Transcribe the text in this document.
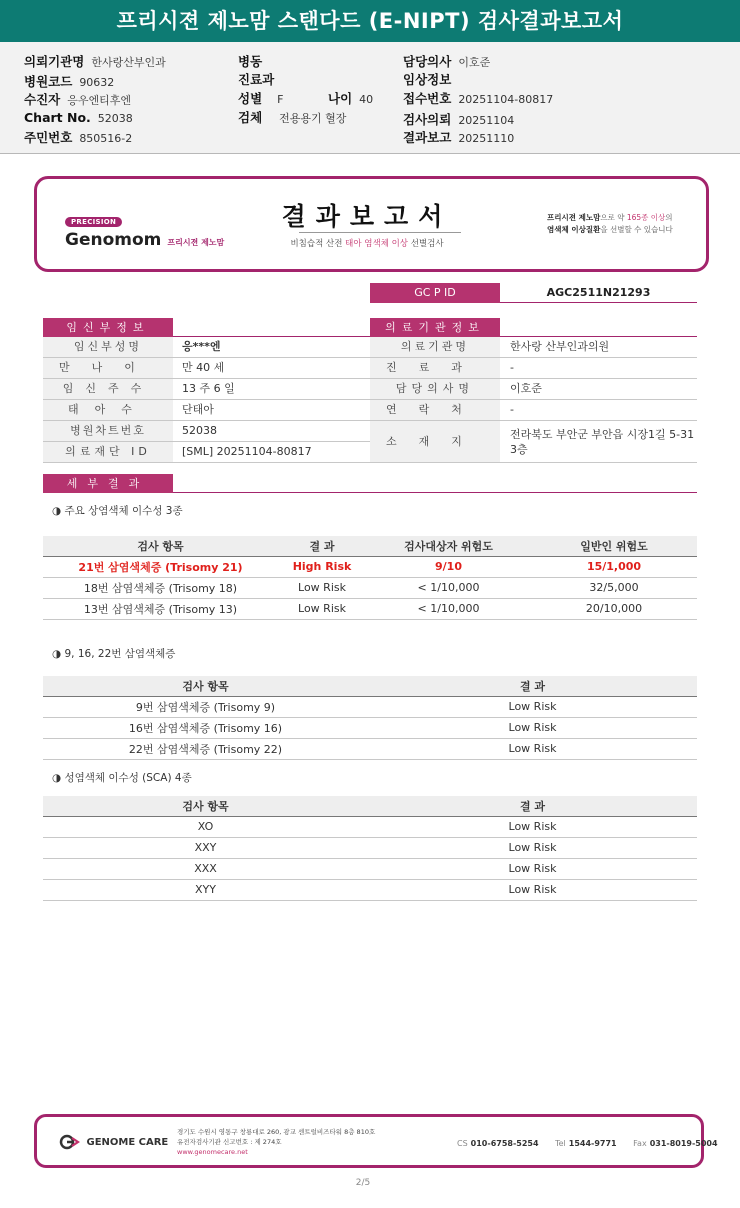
프리시젼 제노맘 스탠다드 (E-NIPT) 검사결과보고서
의뢰기관명 한사랑산부인과
병원코드 90632
수진자 응우엔티후엔
Chart No. 52038
주민번호 850516-2
병동
진료과
성별 F	나이 40
검체 전용용기 혈장
담당의사 이호준
임상정보
접수번호 20251104-80817
검사의뢰 20251104
결과보고 20251110
PRECISION
Genomom 프리시젼 제노맘
결과보고서
비침습적 산전 태아 염색체 이상 선별검사
프리시젼 제노맘으로 약 165종 이상의
염색체 이상질환을 선별할 수 있습니다
GC P ID	AGC2511N21293
임신부정보	의료기관정보
임신부성명	응***엔
만나이	만 40 세
임신주수	13 주 6 일
태아수	단태아
병원차트번호	52038
의료재단 ID	[SML] 20251104-80817
의료기관명	한사랑 산부인과의원
진료과	-
담당의사명	이호준
연락처	-
소재지
전라북도 부안군 부안읍 시장1길 5-31
3층
세부결과
◑ 주요 상염색체 이수성 3종
검사 항목	결 과	검사대상자 위험도	일반인 위험도
21번 삼염색체증 (Trisomy 21)	High Risk	9/10	15/1,000
18번 삼염색체증 (Trisomy 18)	Low Risk	< 1/10,000	32/5,000
13번 삼염색체증 (Trisomy 13)	Low Risk	< 1/10,000	20/10,000
◑ 9, 16, 22번 삼염색체증
검사 항목	결 과
9번 삼염색체증 (Trisomy 9)	Low Risk
16번 삼염색체증 (Trisomy 16)	Low Risk
22번 삼염색체증 (Trisomy 22)	Low Risk
◑ 성염색체 이수성 (SCA) 4종
검사 항목	결 과
XO	Low Risk
XXY	Low Risk
XXX	Low Risk
XYY	Low Risk
GENOME CARE
경기도 수원시 영통구 창룡대로 260, 광교 센트럴비즈타워 8층 810호
유전자검사기관 신고번호 : 제 274호
www.genomecare.net
CS 010-6758-5254 Tel 1544-9771 Fax 031-8019-5004
2/5
